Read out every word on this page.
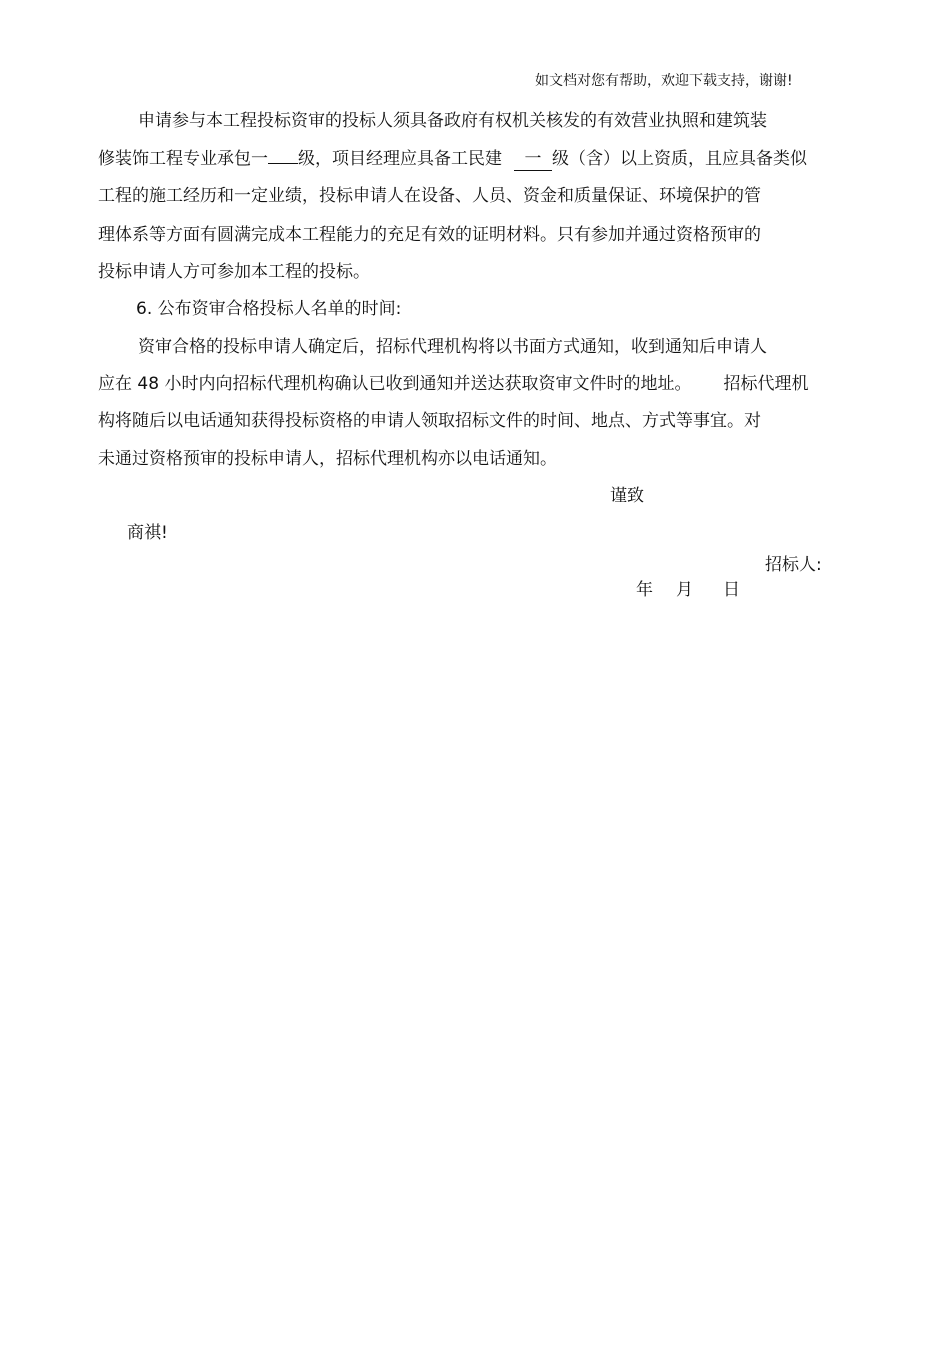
如文档对您有帮助，欢迎下载支持，谢谢!
申请参与本工程投标资审的投标人须具备政府有权机关核发的有效营业执照和建筑装
修装饰工程专业承包一 级，项目经理应具备工民建 一 级（含）以上资质，且应具备类似
工程的施工经历和一定业绩，投标申请人在设备、人员、资金和质量保证、环境保护的管
理体系等方面有圆满完成本工程能力的充足有效的证明材料。只有参加并通过资格预审的
投标申请人方可参加本工程的投标。
6. 公布资审合格投标人名单的时间:
资审合格的投标申请人确定后，招标代理机构将以书面方式通知，收到通知后申请人
应在 48 小时内向招标代理机构确认已收到通知并送达获取资审文件时的地址。 招标代理机
构将随后以电话通知获得投标资格的申请人领取招标文件的时间、地点、方式等事宜。对
未通过资格预审的投标申请人，招标代理机构亦以电话通知。
谨致
商祺!
招标人:
年 月 日
